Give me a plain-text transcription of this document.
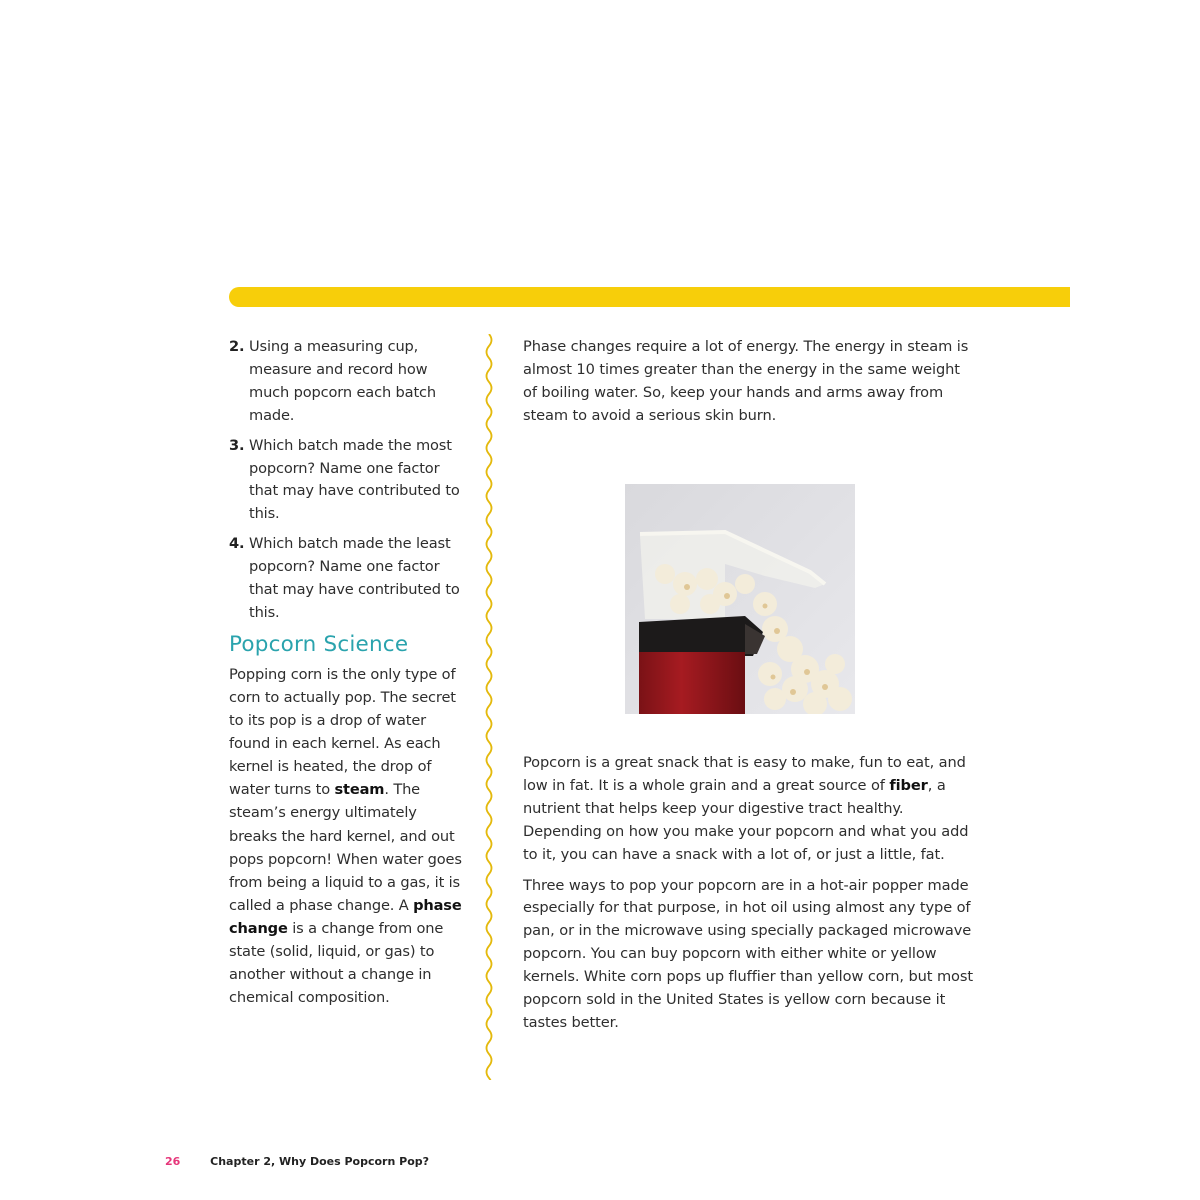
2. Using a measuring cup, measure and record how much popcorn each batch made.
3. Which batch made the most popcorn? Name one factor that may have contributed to this.
4. Which batch made the least popcorn? Name one factor that may have contributed to this.
Popcorn Science
Popping corn is the only type of corn to actually pop. The secret to its pop is a drop of water found in each kernel. As each kernel is heated, the drop of water turns to steam. The steam’s energy ultimately breaks the hard kernel, and out pops popcorn! When water goes from being a liquid to a gas, it is called a phase change. A phase change is a change from one state (solid, liquid, or gas) to another without a change in chemical composition.

Phase changes require a lot of energy. The energy in steam is almost 10 times greater than the energy in the same weight of boiling water. So, keep your hands and arms away from steam to avoid a serious skin burn.

Popcorn is a great snack that is easy to make, fun to eat, and low in fat. It is a whole grain and a great source of fiber, a nutrient that helps keep your digestive tract healthy. Depending on how you make your popcorn and what you add to it, you can have a snack with a lot of, or just a little, fat.

Three ways to pop your popcorn are in a hot-air popper made especially for that purpose, in hot oil using almost any type of pan, or in the microwave using specially packaged microwave popcorn. You can buy popcorn with either white or yellow kernels. White corn pops up fluffier than yellow corn, but most popcorn sold in the United States is yellow corn because it tastes better.

26	Chapter 2, Why Does Popcorn Pop?
